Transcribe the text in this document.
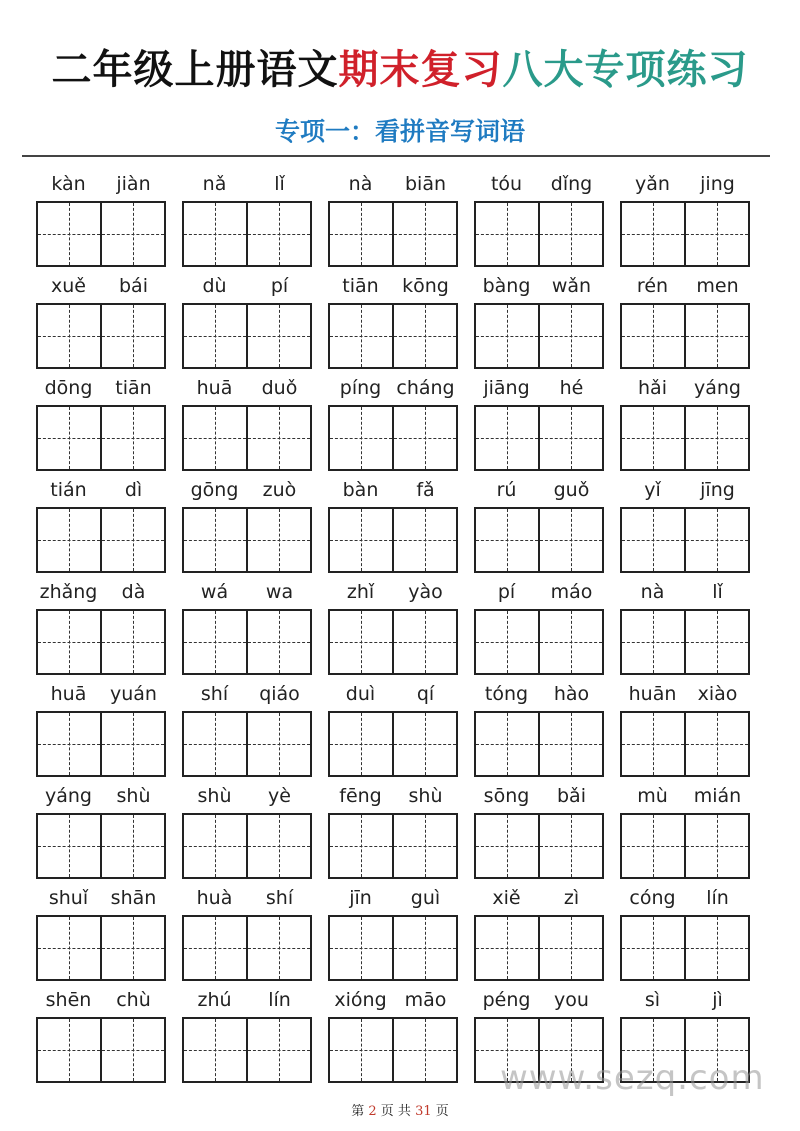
二年级上册语文期末复习八大专项练习
专项一：看拼音写词语
kàn	jiàn	nǎ	lǐ	nà	biān	tóu	dǐng	yǎn	jing
xuě	bái	dù	pí	tiān	kōng	bàng	wǎn	rén	men
dōng	tiān	huā	duǒ	píng cháng	jiāng	hé	hǎi	yáng
tián	dì	gōng	zuò	bàn	fǎ	rú	guǒ	yǐ	jīng
zhǎng	dà	wá	wa	zhǐ	yào	pí	máo	nà	lǐ
huā	yuán	shí	qiáo	duì	qí	tóng	hào	huān	xiào
yáng	shù	shù	yè	fēng	shù	sōng	bǎi	mù	mián
shuǐ	shān	huà	shí	jīn	guì	xiě	zì	cóng	lín
shēn	chù	zhú	lín	xióng māo	péng	you	sì	jì
第 2 页 共 31 页
www.sezq.com
